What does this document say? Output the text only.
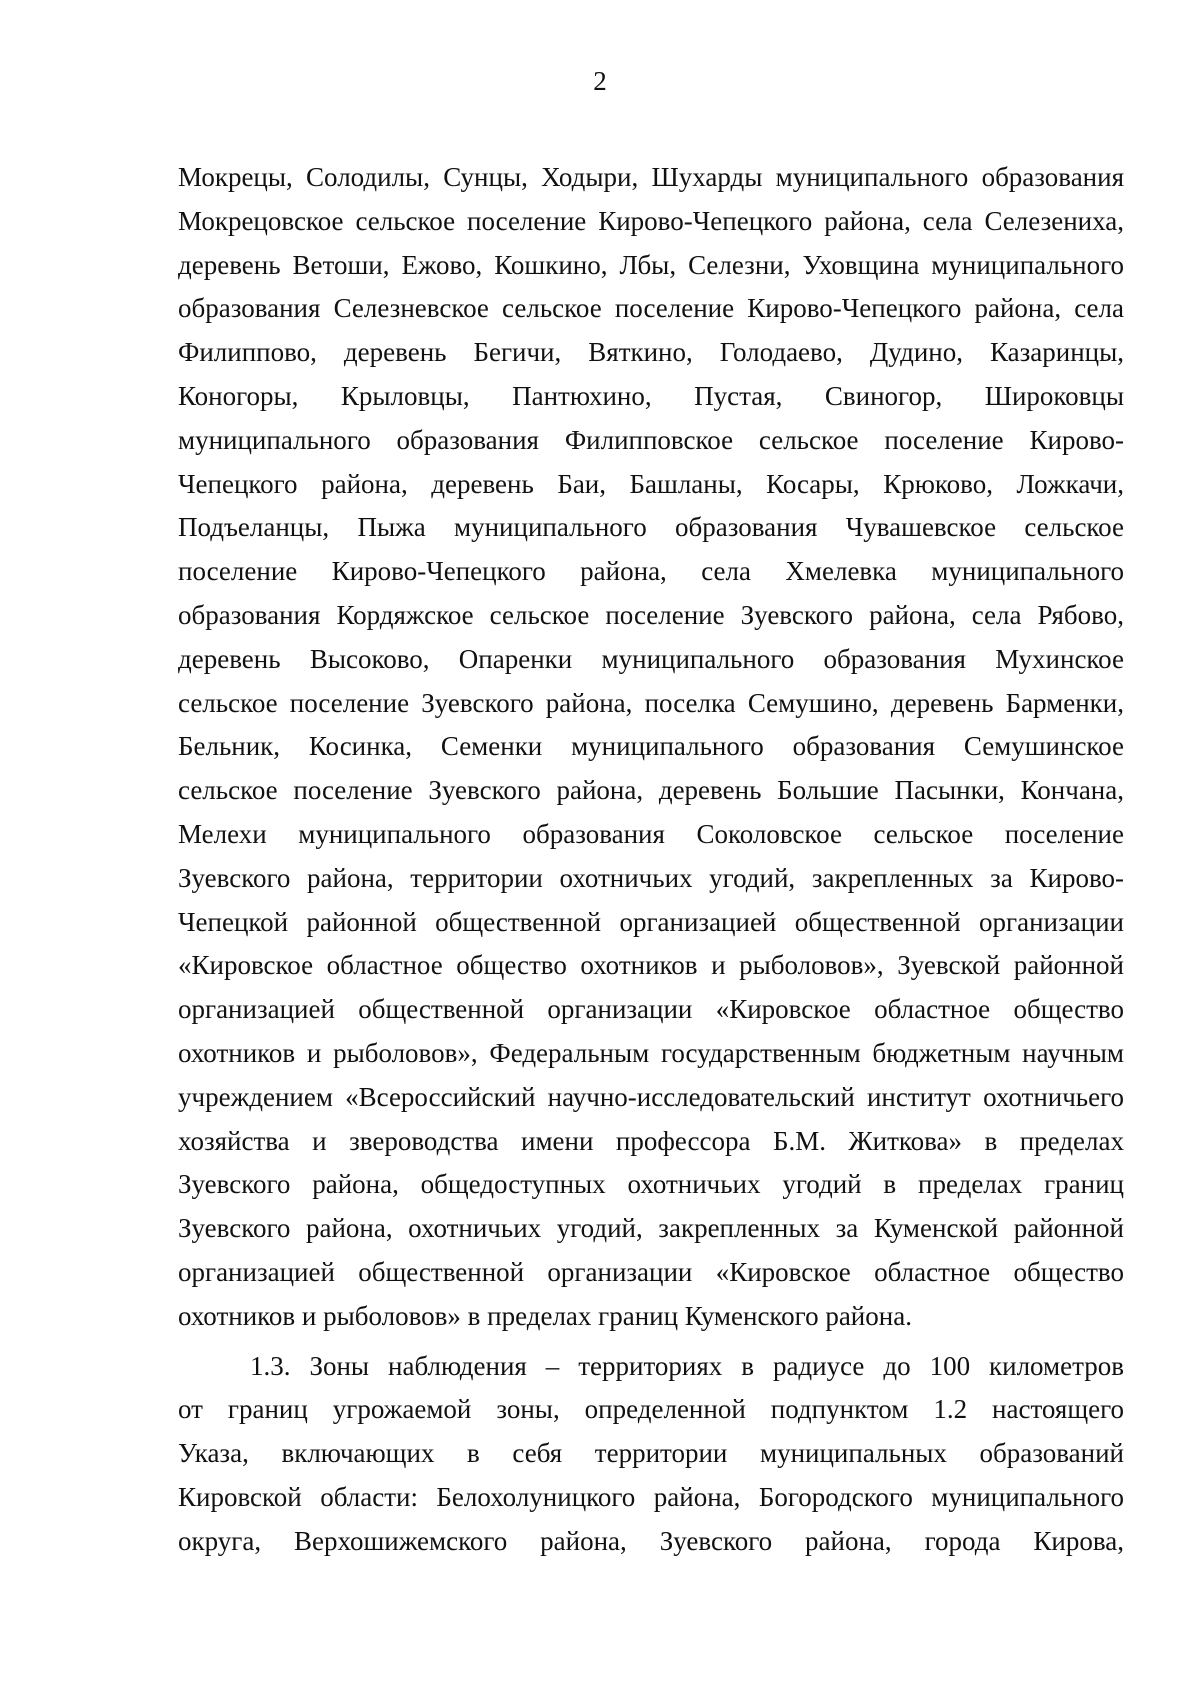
2
Мокрецы, Солодилы, Сунцы, Ходыри, Шухарды муниципального образования
Мокрецовское сельское поселение Кирово-Чепецкого района, села Селезениха,
деревень Ветоши, Ежово, Кошкино, Лбы, Селезни, Уховщина муниципального
образования Селезневское сельское поселение Кирово-Чепецкого района, села
Филиппово, деревень Бегичи, Вяткино, Голодаево, Дудино, Казаринцы,
Коногоры, Крыловцы, Пантюхино, Пустая, Свиногор, Широковцы
муниципального образования Филипповское сельское поселение Кирово-
Чепецкого района, деревень Баи, Башланы, Косары, Крюково, Ложкачи,
Подъеланцы, Пыжа муниципального образования Чувашевское сельское
поселение Кирово-Чепецкого района, села Хмелевка муниципального
образования Кордяжское сельское поселение Зуевского района, села Рябово,
деревень Высоково, Опаренки муниципального образования Мухинское
сельское поселение Зуевского района, поселка Семушино, деревень Барменки,
Бельник, Косинка, Семенки муниципального образования Семушинское
сельское поселение Зуевского района, деревень Большие Пасынки, Кончана,
Мелехи муниципального образования Соколовское сельское поселение
Зуевского района, территории охотничьих угодий, закрепленных за Кирово-
Чепецкой районной общественной организацией общественной организации
«Кировское областное общество охотников и рыболовов», Зуевской районной
организацией общественной организации «Кировское областное общество
охотников и рыболовов», Федеральным государственным бюджетным научным
учреждением «Всероссийский научно-исследовательский институт охотничьего
хозяйства и звероводства имени профессора Б.М. Житкова» в пределах
Зуевского района, общедоступных охотничьих угодий в пределах границ
Зуевского района, охотничьих угодий, закрепленных за Куменской районной
организацией общественной организации «Кировское областное общество
охотников и рыболовов» в пределах границ Куменского района.
1.3. Зоны наблюдения – территориях в радиусе до 100 километров
от границ угрожаемой зоны, определенной подпунктом 1.2 настоящего
Указа, включающих в себя территории муниципальных образований
Кировской области: Белохолуницкого района, Богородского муниципального
округа, Верхошижемского района, Зуевского района, города Кирова,
